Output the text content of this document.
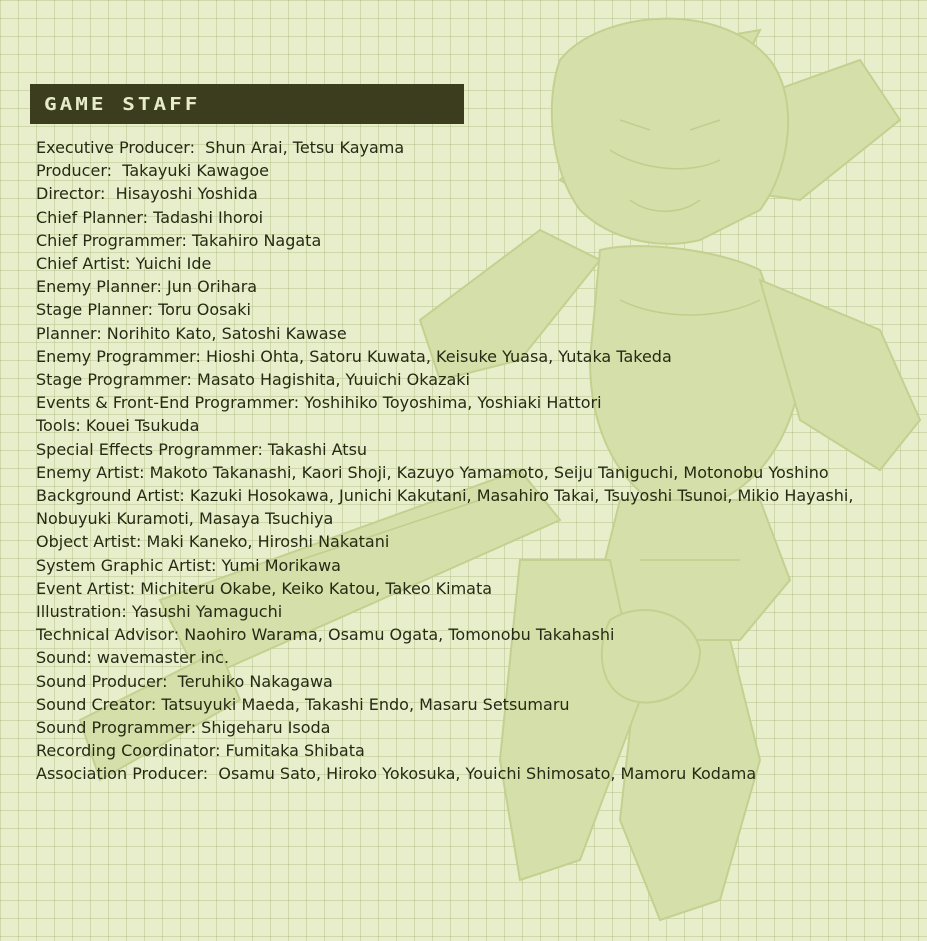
GAME STAFF
Executive Producer:  Shun Arai, Tetsu Kayama
Producer:  Takayuki Kawagoe
Director:  Hisayoshi Yoshida
Chief Planner: Tadashi Ihoroi
Chief Programmer: Takahiro Nagata
Chief Artist: Yuichi Ide
Enemy Planner: Jun Orihara
Stage Planner: Toru Oosaki
Planner: Norihito Kato, Satoshi Kawase
Enemy Programmer: Hioshi Ohta, Satoru Kuwata, Keisuke Yuasa, Yutaka Takeda
Stage Programmer: Masato Hagishita, Yuuichi Okazaki
Events & Front-End Programmer: Yoshihiko Toyoshima, Yoshiaki Hattori
Tools: Kouei Tsukuda
Special Effects Programmer: Takashi Atsu
Enemy Artist: Makoto Takanashi, Kaori Shoji, Kazuyo Yamamoto, Seiju Taniguchi, Motonobu Yoshino
Background Artist: Kazuki Hosokawa, Junichi Kakutani, Masahiro Takai, Tsuyoshi Tsunoi, Mikio Hayashi, Nobuyuki Kuramoti, Masaya Tsuchiya
Object Artist: Maki Kaneko, Hiroshi Nakatani
System Graphic Artist: Yumi Morikawa
Event Artist: Michiteru Okabe, Keiko Katou, Takeo Kimata
Illustration: Yasushi Yamaguchi
Technical Advisor: Naohiro Warama, Osamu Ogata, Tomonobu Takahashi
Sound: wavemaster inc.
Sound Producer:  Teruhiko Nakagawa
Sound Creator: Tatsuyuki Maeda, Takashi Endo, Masaru Setsumaru
Sound Programmer: Shigeharu Isoda
Recording Coordinator: Fumitaka Shibata
Association Producer:  Osamu Sato, Hiroko Yokosuka, Youichi Shimosato, Mamoru Kodama
